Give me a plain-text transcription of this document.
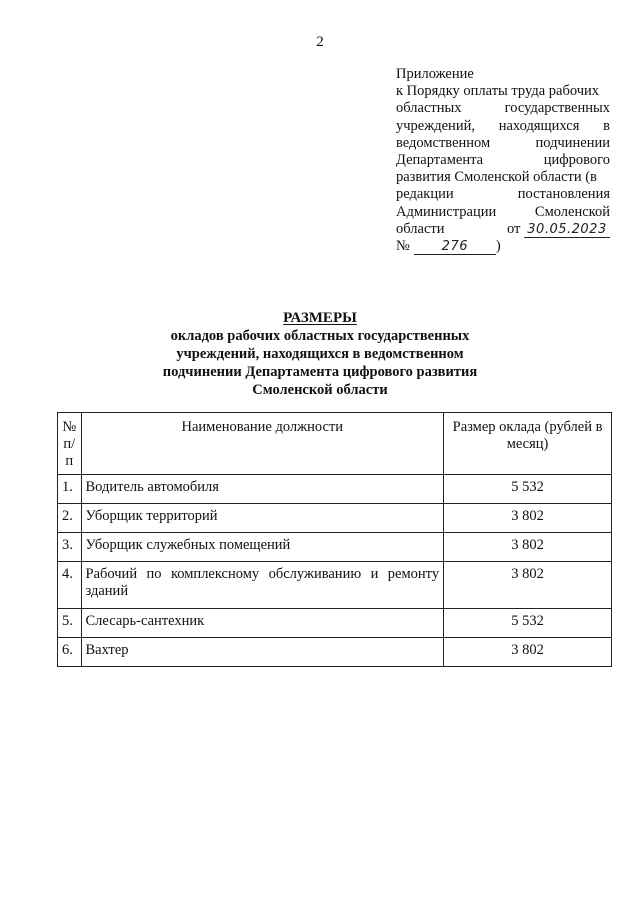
2
Приложение
к Порядку оплаты труда рабочих
областных государственных
учреждений, находящихся в
ведомственном подчинении
Департамента цифрового
развития Смоленской области (в
редакции постановления
Администрации Смоленской
области	от 30.05.2023
№	276	)
РАЗМЕРЫ
окладов рабочих областных государственных
учреждений, находящихся в ведомственном
подчинении Департамента цифрового развития
Смоленской области
№ п/п	Наименование должности	Размер оклада (рублей в месяц)
1.	Водитель автомобиля	5 532
2.	Уборщик территорий	3 802
3.	Уборщик служебных помещений	3 802
4.	Рабочий по комплексному обслуживанию и ремонту зданий	3 802
5.	Слесарь-сантехник	5 532
6.	Вахтер	3 802
